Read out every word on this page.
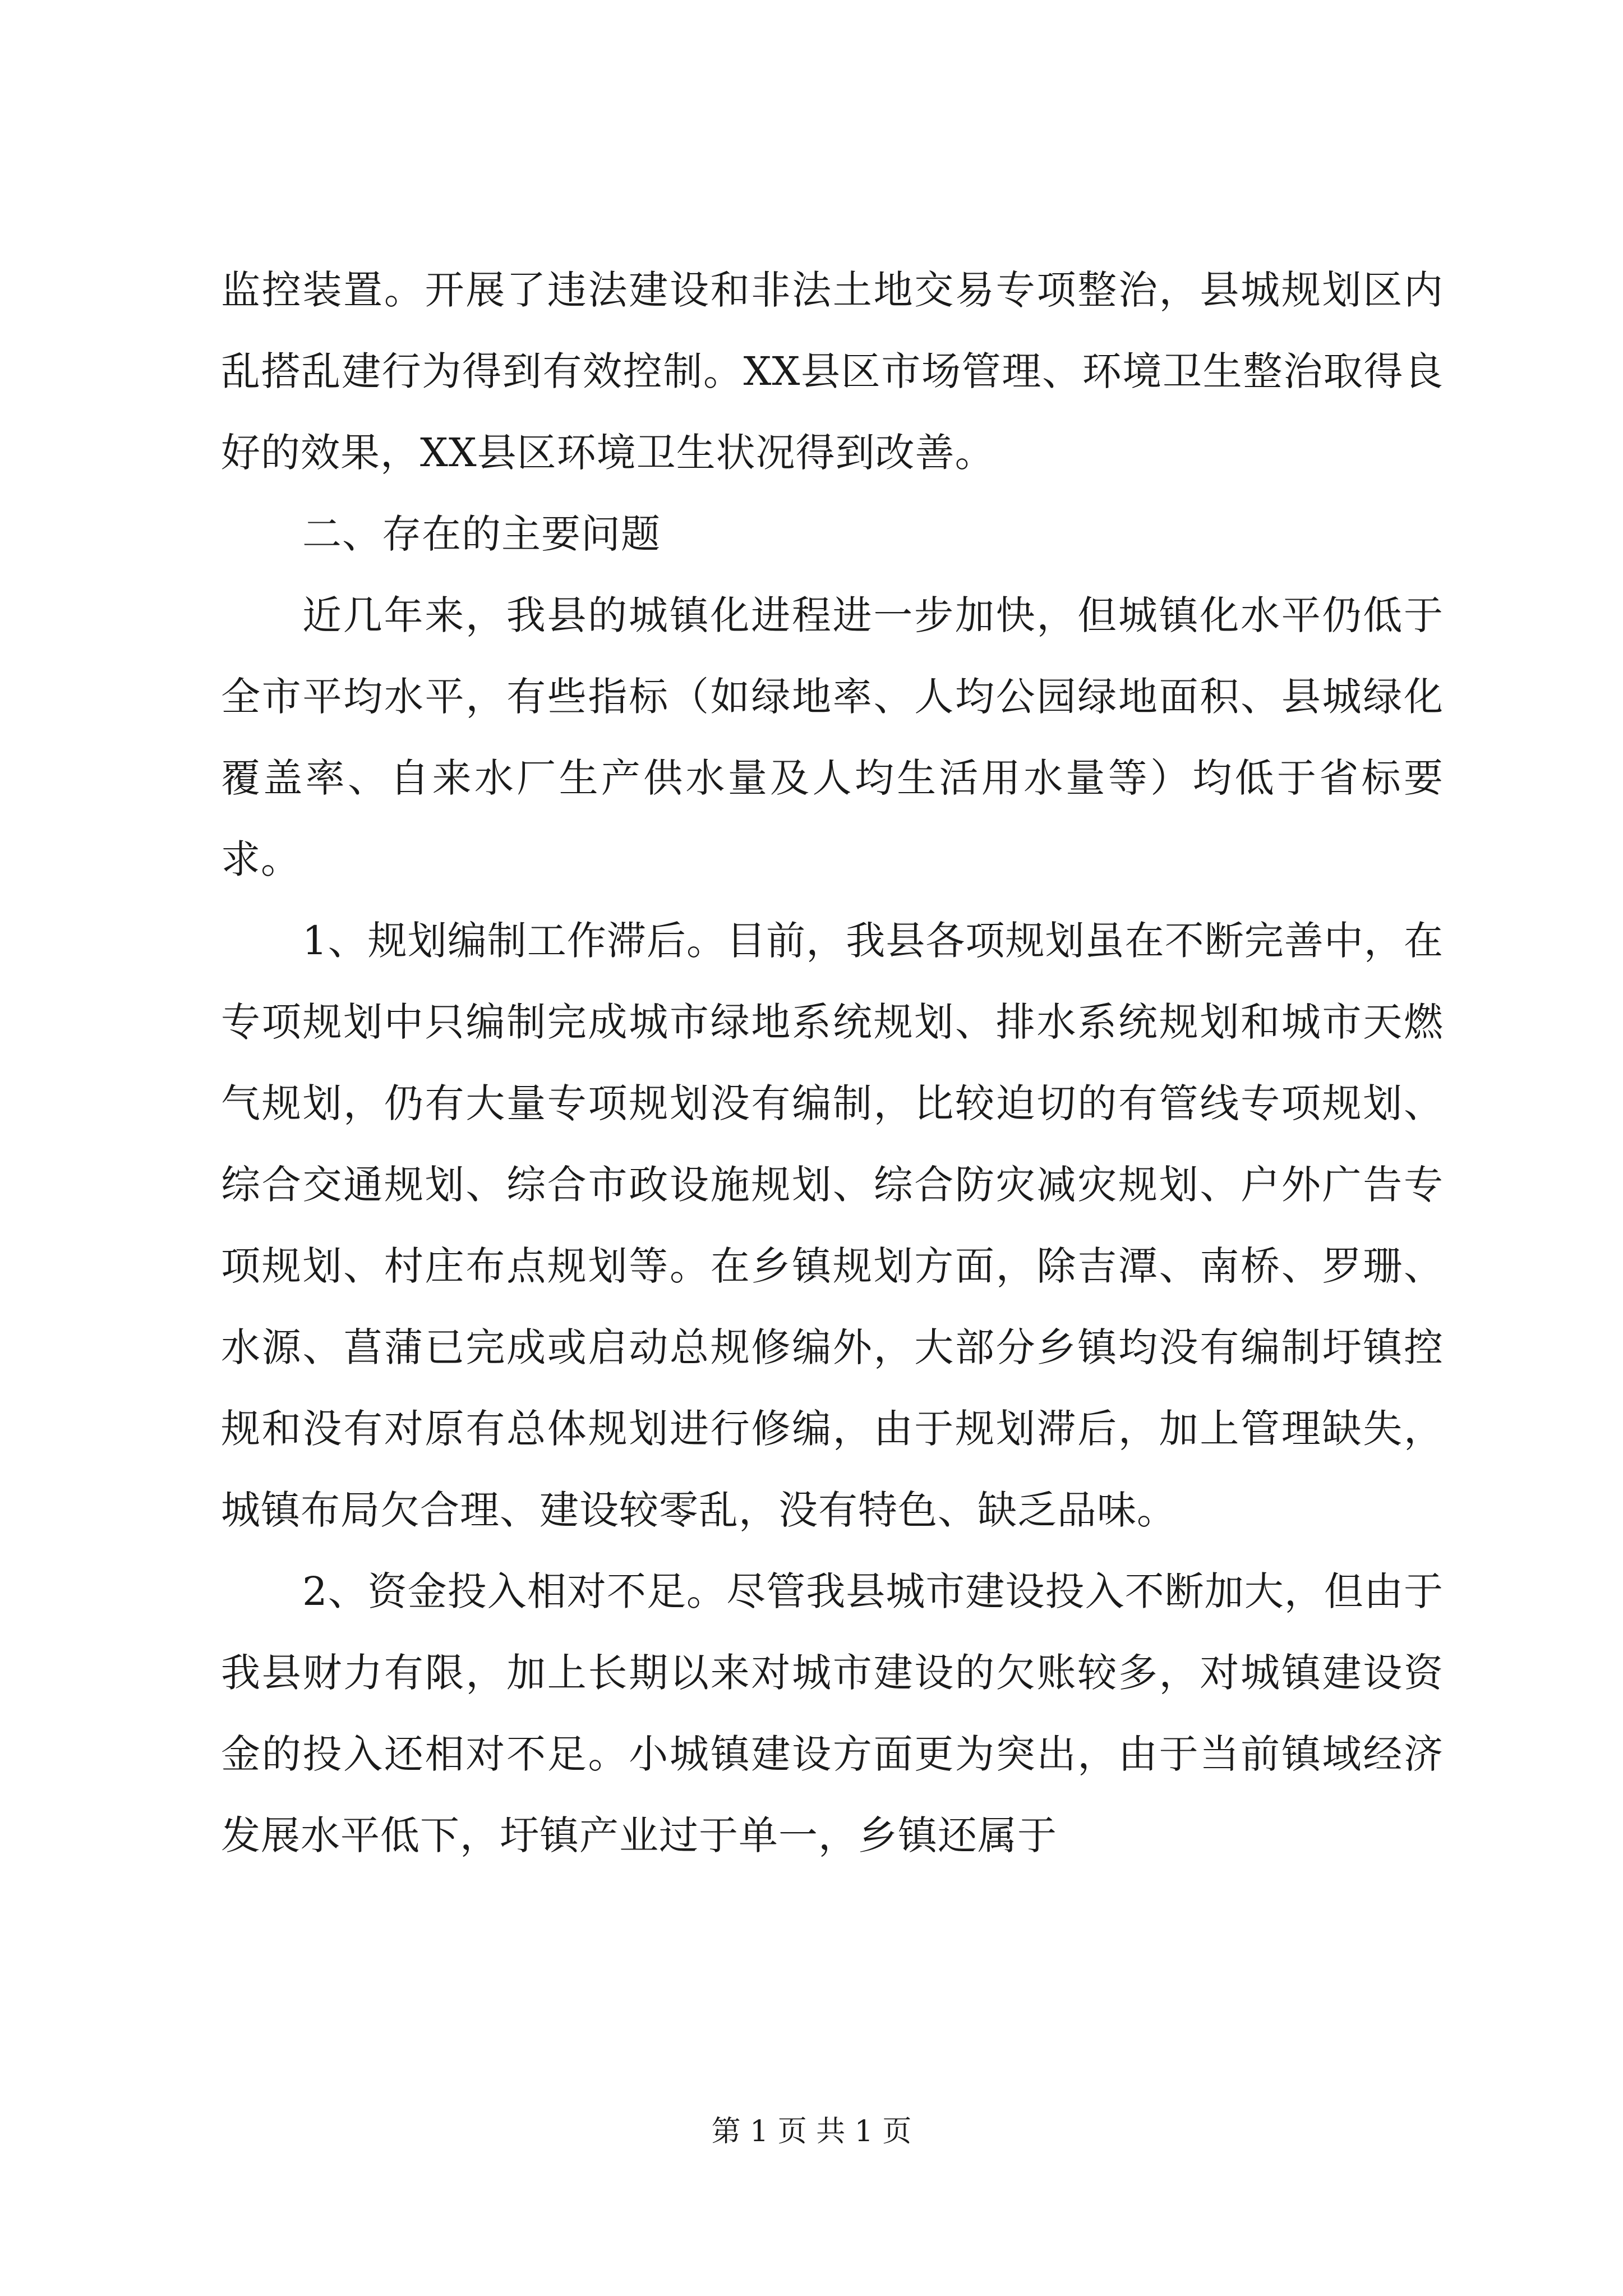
监控装置。开展了违法建设和非法土地交易专项整治，县城规划区内乱搭乱建行为得到有效控制。XX县区市场管理、环境卫生整治取得良好的效果，XX县区环境卫生状况得到改善。

二、存在的主要问题

近几年来，我县的城镇化进程进一步加快，但城镇化水平仍低于全市平均水平，有些指标（如绿地率、人均公园绿地面积、县城绿化覆盖率、自来水厂生产供水量及人均生活用水量等）均低于省标要求。

1、规划编制工作滞后。目前，我县各项规划虽在不断完善中，在专项规划中只编制完成城市绿地系统规划、排水系统规划和城市天燃气规划，仍有大量专项规划没有编制，比较迫切的有管线专项规划、综合交通规划、综合市政设施规划、综合防灾减灾规划、户外广告专项规划、村庄布点规划等。在乡镇规划方面，除吉潭、南桥、罗珊、水源、菖蒲已完成或启动总规修编外，大部分乡镇均没有编制圩镇控规和没有对原有总体规划进行修编，由于规划滞后，加上管理缺失，城镇布局欠合理、建设较零乱，没有特色、缺乏品味。

2、资金投入相对不足。尽管我县城市建设投入不断加大，但由于我县财力有限，加上长期以来对城市建设的欠账较多，对城镇建设资金的投入还相对不足。小城镇建设方面更为突出，由于当前镇域经济发展水平低下，圩镇产业过于单一，乡镇还属于

第 1 页 共 1 页
